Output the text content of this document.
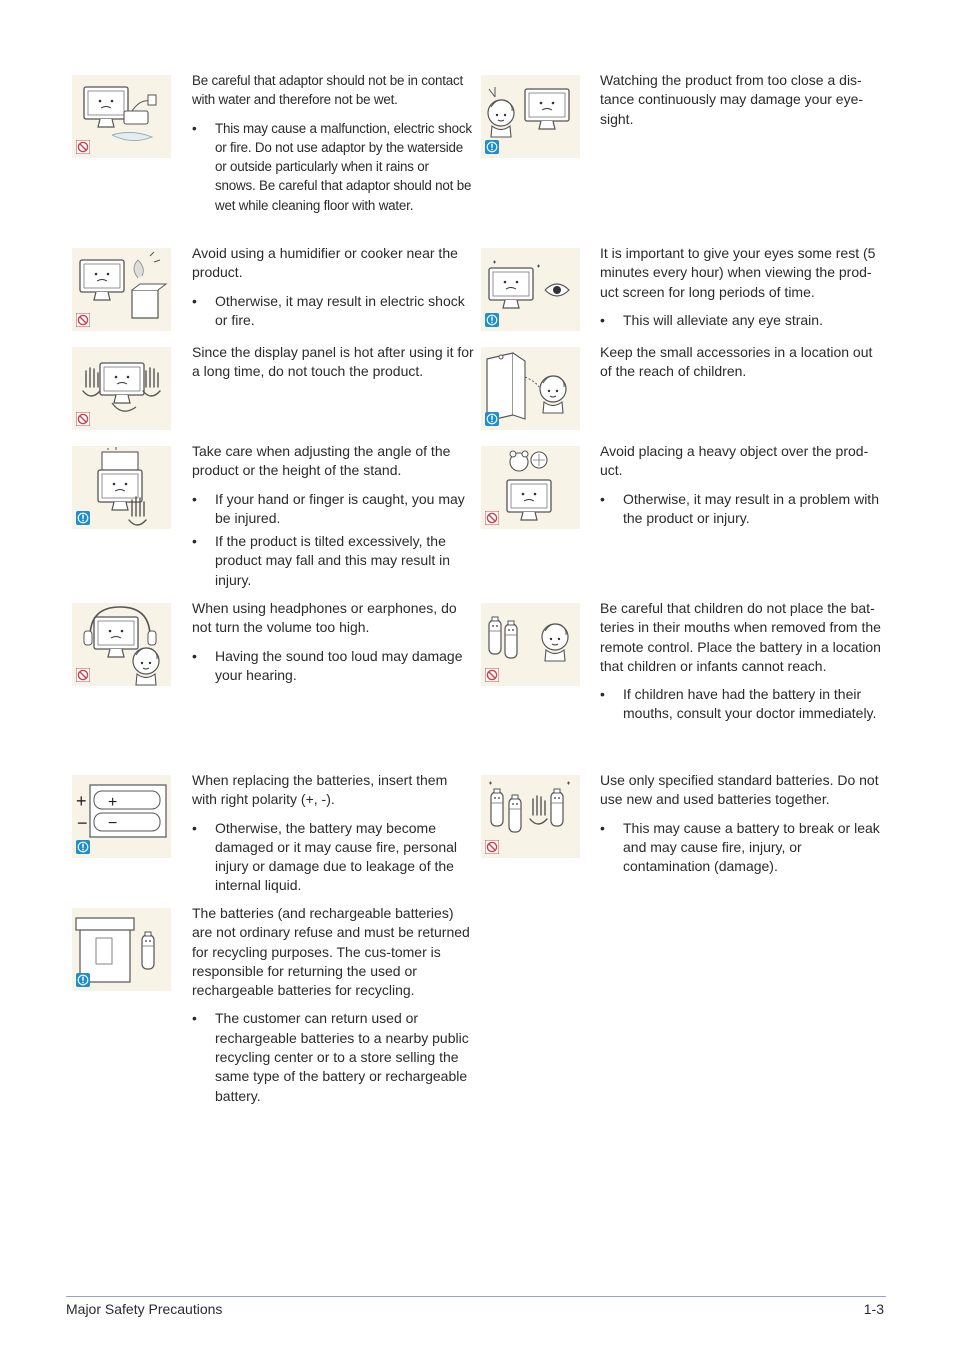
Be careful that adaptor should not be in contact with water and therefore not be wet.

• This may cause a malfunction, electric shock or fire. Do not use adaptor by the waterside or outside particularly when it rains or snows. Be careful that adaptor should not be wet while cleaning floor with water.

Watching the product from too close a dis-tance continuously may damage your eye-sight.

Avoid using a humidifier or cooker near the product.

• Otherwise, it may result in electric shock or fire.

It is important to give your eyes some rest (5 minutes every hour) when viewing the prod-uct screen for long periods of time.

• This will alleviate any eye strain.

Since the display panel is hot after using it for a long time, do not touch the product.

Keep the small accessories in a location out of the reach of children.

Take care when adjusting the angle of the product or the height of the stand.

• If your hand or finger is caught, you may be injured.
• If the product is tilted excessively, the product may fall and this may result in injury.

Avoid placing a heavy object over the prod-uct.

• Otherwise, it may result in a problem with the product or injury.

When using headphones or earphones, do not turn the volume too high.

• Having the sound too loud may damage your hearing.

Be careful that children do not place the bat-teries in their mouths when removed from the remote control. Place the battery in a location that children or infants cannot reach.

• If children have had the battery in their mouths, consult your doctor immediately.
+
−
+
−

When replacing the batteries, insert them with right polarity (+, -).

• Otherwise, the battery may become damaged or it may cause fire, personal injury or damage due to leakage of the internal liquid.

Use only specified standard batteries. Do not use new and used batteries together.

• This may cause a battery to break or leak and may cause fire, injury, or contamination (damage).

The batteries (and rechargeable batteries) are not ordinary refuse and must be returned for recycling purposes. The cus-tomer is responsible for returning the used or rechargeable batteries for recycling.

• The customer can return used or rechargeable batteries to a nearby public recycling center or to a store selling the same type of the battery or rechargeable battery.
Major Safety Precautions	1-3
